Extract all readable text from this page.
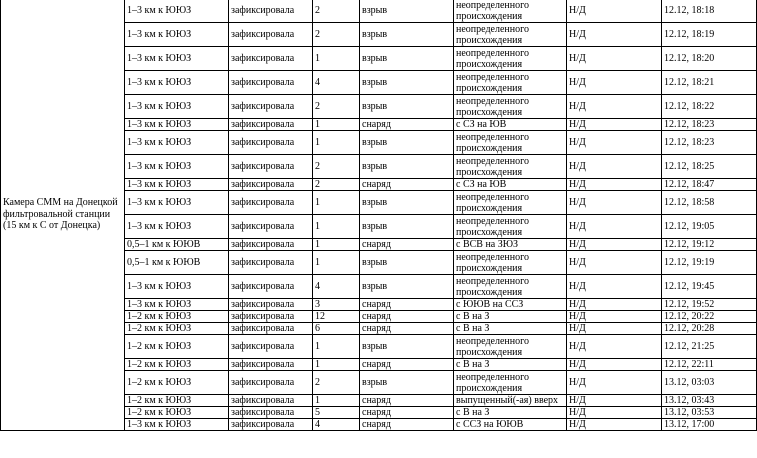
Камера СММ на Донецкой фильтровальной станции (15 км к С от Донецка)	1–3 км к ЮЮЗ	зафиксировала	2	взрыв	неопределенного происхождения	Н/Д	12.12, 18:18
	1–3 км к ЮЮЗ	зафиксировала	2	взрыв	неопределенного происхождения	Н/Д	12.12, 18:19
	1–3 км к ЮЮЗ	зафиксировала	1	взрыв	неопределенного происхождения	Н/Д	12.12, 18:20
	1–3 км к ЮЮЗ	зафиксировала	4	взрыв	неопределенного происхождения	Н/Д	12.12, 18:21
	1–3 км к ЮЮЗ	зафиксировала	2	взрыв	неопределенного происхождения	Н/Д	12.12, 18:22
	1–3 км к ЮЮЗ	зафиксировала	1	снаряд	с СЗ на ЮВ	Н/Д	12.12, 18:23
	1–3 км к ЮЮЗ	зафиксировала	1	взрыв	неопределенного происхождения	Н/Д	12.12, 18:23
	1–3 км к ЮЮЗ	зафиксировала	2	взрыв	неопределенного происхождения	Н/Д	12.12, 18:25
	1–3 км к ЮЮЗ	зафиксировала	2	снаряд	с СЗ на ЮВ	Н/Д	12.12, 18:47
	1–3 км к ЮЮЗ	зафиксировала	1	взрыв	неопределенного происхождения	Н/Д	12.12, 18:58
	1–3 км к ЮЮЗ	зафиксировала	1	взрыв	неопределенного происхождения	Н/Д	12.12, 19:05
	0,5–1 км к ЮЮВ	зафиксировала	1	снаряд	с ВСВ на ЗЮЗ	Н/Д	12.12, 19:12
	0,5–1 км к ЮЮВ	зафиксировала	1	взрыв	неопределенного происхождения	Н/Д	12.12, 19:19
	1–3 км к ЮЮЗ	зафиксировала	4	взрыв	неопределенного происхождения	Н/Д	12.12, 19:45
	1–3 км к ЮЮЗ	зафиксировала	3	снаряд	с ЮЮВ на ССЗ	Н/Д	12.12, 19:52
	1–2 км к ЮЮЗ	зафиксировала	12	снаряд	с В на З	Н/Д	12.12, 20:22
	1–2 км к ЮЮЗ	зафиксировала	6	снаряд	с В на З	Н/Д	12.12, 20:28
	1–2 км к ЮЮЗ	зафиксировала	1	взрыв	неопределенного происхождения	Н/Д	12.12, 21:25
	1–2 км к ЮЮЗ	зафиксировала	1	снаряд	с В на З	Н/Д	12.12, 22:11
	1–2 км к ЮЮЗ	зафиксировала	2	взрыв	неопределенного происхождения	Н/Д	13.12, 03:03
	1–2 км к ЮЮЗ	зафиксировала	1	снаряд	выпущенный(-ая) вверх	Н/Д	13.12, 03:43
	1–2 км к ЮЮЗ	зафиксировала	5	снаряд	с В на З	Н/Д	13.12, 03:53
	1–3 км к ЮЮЗ	зафиксировала	4	снаряд	с ССЗ на ЮЮВ	Н/Д	13.12, 17:00
